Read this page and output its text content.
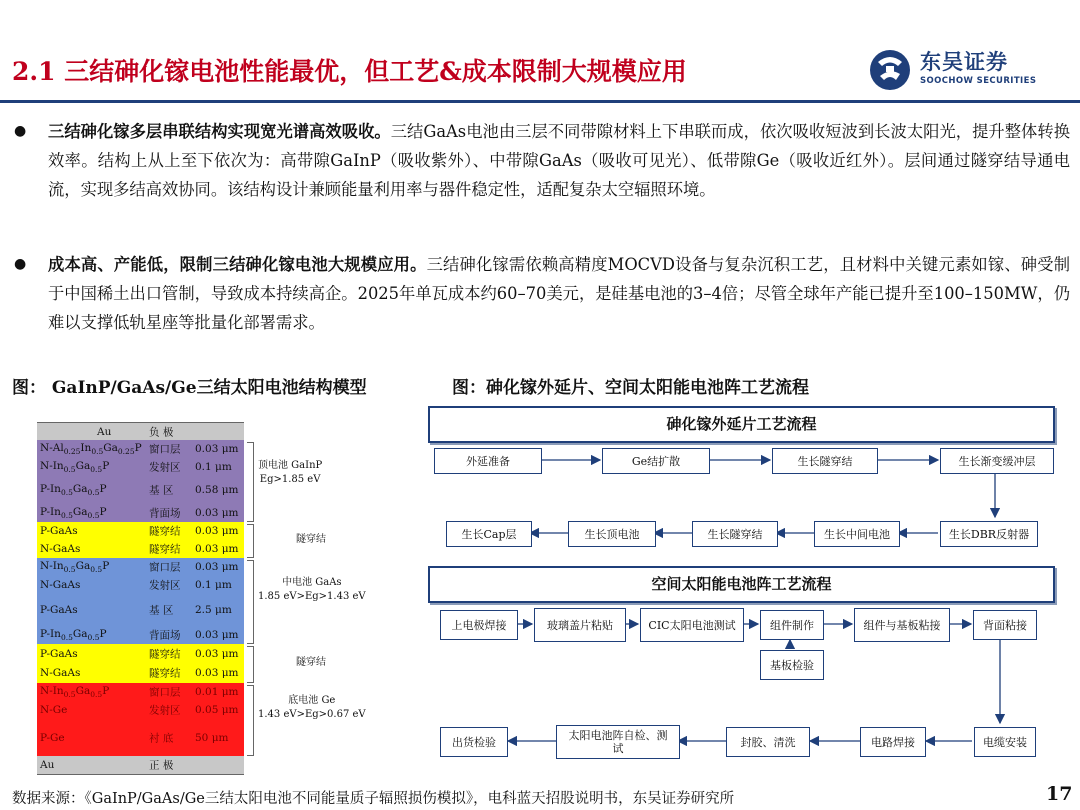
2.1 三结砷化镓电池性能最优，但工艺&成本限制大规模应用	东吴证券
SOOCHOW SECURITIES
● 三结砷化镓多层串联结构实现宽光谱高效吸收。三结GaAs电池由三层不同带隙材料上下串联而成，依次吸收短波到长波太阳光，提升整体转换效率。结构上从上至下依次为：高带隙GaInP（吸收紫外）、中带隙GaAs（吸收可见光）、低带隙Ge（吸收近红外）。层间通过隧穿结导通电流，实现多结高效协同。该结构设计兼顾能量利用率与器件稳定性，适配复杂太空辐照环境。
● 成本高、产能低，限制三结砷化镓电池大规模应用。三结砷化镓需依赖高精度MOCVD设备与复杂沉积工艺，且材料中关键元素如镓、砷受制于中国稀土出口管制，导致成本持续高企。2025年单瓦成本约60–70美元，是硅基电池的3–4倍；尽管全球年产能已提升至100–150MW，仍难以支撑低轨星座等批量化部署需求。
图： GaInP/GaAs/Ge三结太阳电池结构模型	图：砷化镓外延片、空间太阳能电池阵工艺流程
Au	负 极
$N-Al_{0.25}In_{0.5}Ga_{0.25}P$ 窗口层 0.03 μm
$N-In_{0.5}Ga_{0.5}P$	发射区 0.1 μm
$P-In_{0.5}Ga_{0.5}P$	基 区 0.58 μm
$P-In_{0.5}Ga_{0.5}P$	背面场 0.03 μm
P-GaAs	隧穿结 0.03 μm
N-GaAs	隧穿结 0.03 μm
$N-In_{0.5}Ga_{0.5}P$	窗口层 0.03 μm
N-GaAs	发射区 0.1 μm
P-GaAs	基 区 2.5 μm
$P-In_{0.5}Ga_{0.5}P$	背面场 0.03 μm
P-GaAs	隧穿结 0.03 μm
N-GaAs	隧穿结 0.03 μm
$N-In_{0.5}Ga_{0.5}P$	窗口层 0.01 μm
N-Ge	发射区 0.05 μm
P-Ge	衬 底 50 μm
Au	正 极
顶电池 GaInP
Eg>1.85 eV
隧穿结
中电池 GaAs
1.85 eV>Eg>1.43 eV
隧穿结
底电池 Ge
1.43 eV>Eg>0.67 eV
砷化镓外延片工艺流程
空间太阳能电池阵工艺流程
外延准备	Ge结扩散	生长隧穿结	生长渐变缓冲层
生长Cap层	生长顶电池	生长隧穿结	生长中间电池	生长DBR反射器
上电极焊接	玻璃盖片粘贴	CIC太阳电池测试	组件制作	组件与基板粘接	背面粘接
基板检验
出货检验	太阳电池阵自检、测试	封胶、清洗	电路焊接	电缆安装
数据来源：《GaInP/GaAs/Ge三结太阳电池不同能量质子辐照损伤模拟》，电科蓝天招股说明书，东吴证券研究所	17
